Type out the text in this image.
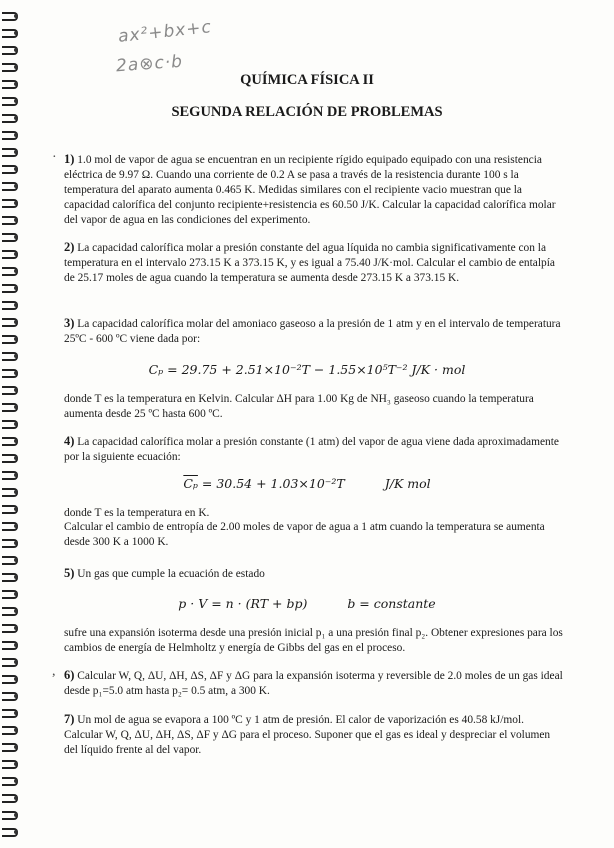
ax²+bx+c
2a⊗c·b
QUÍMICA FÍSICA II
SEGUNDA RELACIÓN DE PROBLEMAS
· 1) 1.0 mol de vapor de agua se encuentran en un recipiente rígido equipado equipado con una resistencia eléctrica de 9.97 Ω. Cuando una corriente de 0.2 A se pasa a través de la resistencia durante 100 s la temperatura del aparato aumenta 0.465 K. Medidas similares con el recipiente vacio muestran que la capacidad calorífica del conjunto recipiente+resistencia es 60.50 J/K. Calcular la capacidad calorífica molar del vapor de agua en las condiciones del experimento.

2) La capacidad calorífica molar a presión constante del agua líquida no cambia significativamente con la temperatura en el intervalo 273.15 K a 373.15 K, y es igual a 75.40 J/K·mol. Calcular el cambio de entalpía de 25.17 moles de agua cuando la temperatura se aumenta desde 273.15 K a 373.15 K.

3) La capacidad calorífica molar del amoniaco gaseoso a la presión de 1 atm y en el intervalo de temperatura 25ºC - 600 ºC viene dada por:

Cₚ = 29.75 + 2.51×10⁻²T − 1.55×10⁵T⁻² J/K · mol

donde T es la temperatura en Kelvin. Calcular ΔH para 1.00 Kg de NH₃ gaseoso cuando la temperatura aumenta desde 25 ºC hasta 600 ºC.

4) La capacidad calorífica molar a presión constante (1 atm) del vapor de agua viene dada aproximadamente por la siguiente ecuación:

$\overline{C_p} = 30.54 + 1.03\times 10^{-2}T$	J/K mol

donde T es la temperatura en K.

Calcular el cambio de entropía de 2.00 moles de vapor de agua a 1 atm cuando la temperatura se aumenta desde 300 K a 1000 K.

5) Un gas que cumple la ecuación de estado

p · V = n · (RT + bp)	b = constante

sufre una expansión isoterma desde una presión inicial p₁ a una presión final p₂. Obtener expresiones para los cambios de energía de Helmholtz y energía de Gibbs del gas en el proceso.

, 6) Calcular W, Q, ΔU, ΔH, ΔS, ΔF y ΔG para la expansión isoterma y reversible de 2.0 moles de un gas ideal desde p₁=5.0 atm hasta p₂= 0.5 atm, a 300 K.

7) Un mol de agua se evapora a 100 ºC y 1 atm de presión. El calor de vaporización es 40.58 kJ/mol. Calcular W, Q, ΔU, ΔH, ΔS, ΔF y ΔG para el proceso. Suponer que el gas es ideal y despreciar el volumen del líquido frente al del vapor.
